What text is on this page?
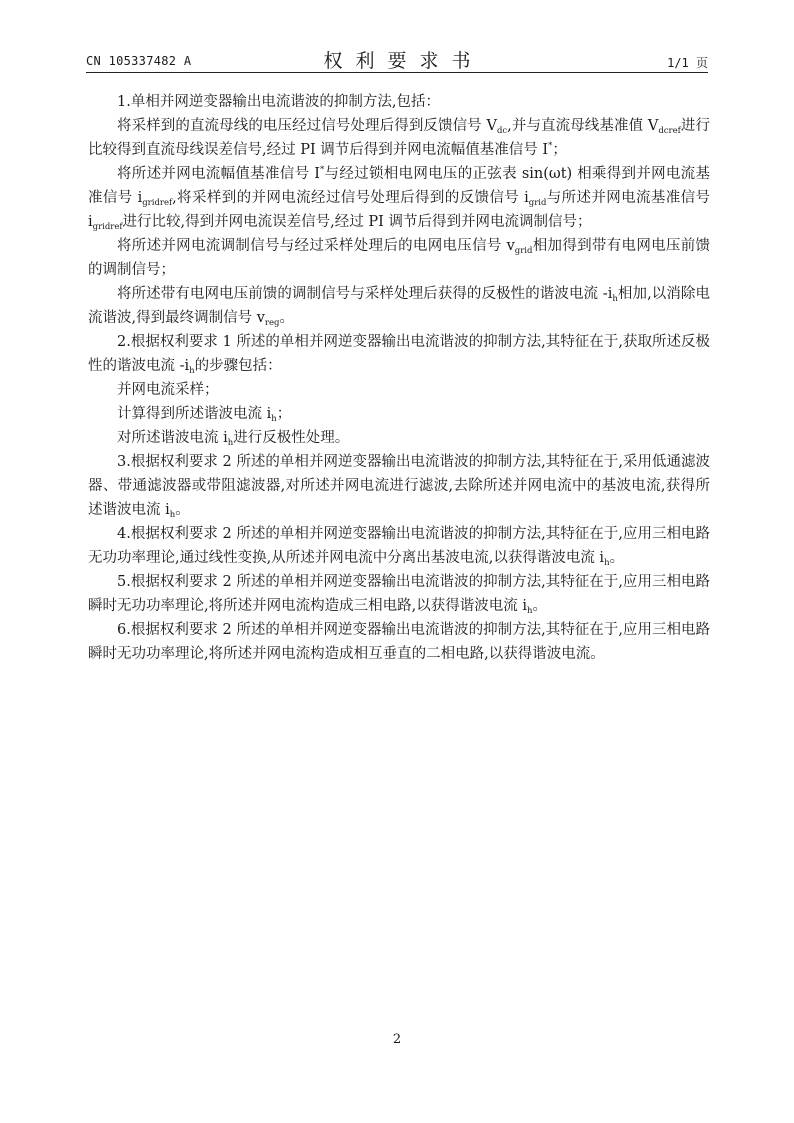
CN 105337482 A	权利要求书	1/1 页

1.单相并网逆变器输出电流谐波的抑制方法,包括：

将采样到的直流母线的电压经过信号处理后得到反馈信号 $V_{dc}$,并与直流母线基准值 $V_{dcref}$进行比较得到直流母线误差信号,经过 PI 调节后得到并网电流幅值基准信号 I*；

将所述并网电流幅值基准信号 I*与经过锁相电网电压的正弦表 sin(ωt) 相乘得到并网电流基准信号 $i_{gridref}$,将采样到的并网电流经过信号处理后得到的反馈信号 $i_{grid}$与所述并网电流基准信号 $i_{gridref}$进行比较,得到并网电流误差信号,经过 PI 调节后得到并网电流调制信号；

将所述并网电流调制信号与经过采样处理后的电网电压信号 $v_{grid}$相加得到带有电网电压前馈的调制信号；

将所述带有电网电压前馈的调制信号与采样处理后获得的反极性的谐波电流 $-i_h$相加,以消除电流谐波,得到最终调制信号 $v_{reg}$。

2.根据权利要求 1 所述的单相并网逆变器输出电流谐波的抑制方法,其特征在于,获取所述反极性的谐波电流 $-i_h$的步骤包括：

并网电流采样；

计算得到所述谐波电流 $i_h$；

对所述谐波电流 $i_h$进行反极性处理。

3.根据权利要求 2 所述的单相并网逆变器输出电流谐波的抑制方法,其特征在于,采用低通滤波器、带通滤波器或带阻滤波器,对所述并网电流进行滤波,去除所述并网电流中的基波电流,获得所述谐波电流 $i_h$。

4.根据权利要求 2 所述的单相并网逆变器输出电流谐波的抑制方法,其特征在于,应用三相电路无功功率理论,通过线性变换,从所述并网电流中分离出基波电流,以获得谐波电流 $i_h$。

5.根据权利要求 2 所述的单相并网逆变器输出电流谐波的抑制方法,其特征在于,应用三相电路瞬时无功功率理论,将所述并网电流构造成三相电路,以获得谐波电流 $i_h$。

6.根据权利要求 2 所述的单相并网逆变器输出电流谐波的抑制方法,其特征在于,应用三相电路瞬时无功功率理论,将所述并网电流构造成相互垂直的二相电路,以获得谐波电流。

2
